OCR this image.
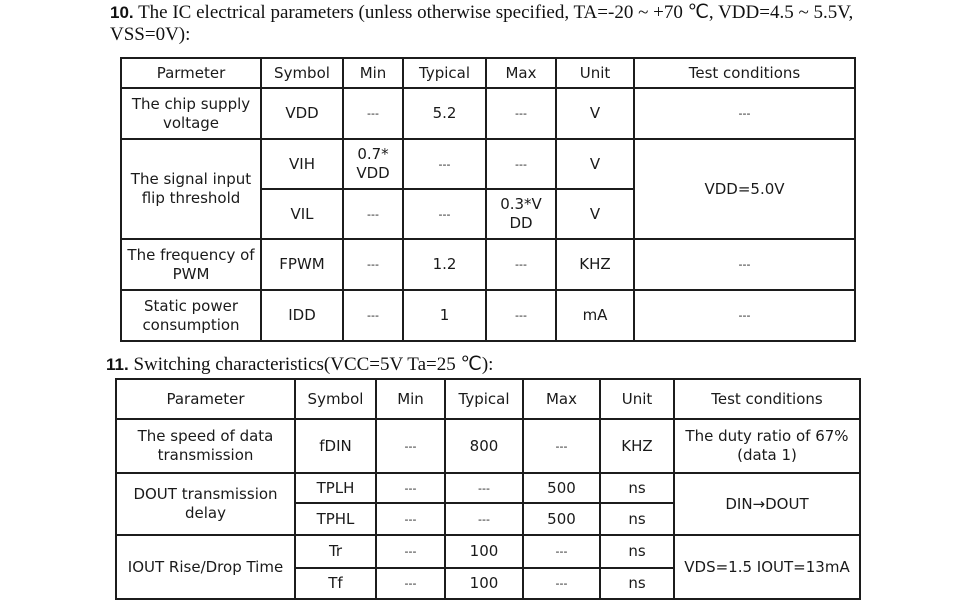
10. The IC electrical parameters (unless otherwise specified, TA=-20 ~ +70 ℃, VDD=4.5 ~ 5.5V, VSS=0V):
Parmeter	Symbol	Min	Typical	Max	Unit	Test conditions
The chip supply voltage	VDD	---	5.2	---	V	---
The signal input flip threshold	VIH	0.7* VDD	---	---	V	VDD=5.0V
	VIL	---	---	0.3*V DD	V	
The frequency of PWM	FPWM	---	1.2	---	KHZ	---
Static power consumption	IDD	---	1	---	mA	---
11. Switching characteristics(VCC=5V Ta=25 ℃):
Parameter	Symbol	Min	Typical	Max	Unit	Test conditions
The speed of data transmission	fDIN	---	800	---	KHZ	The duty ratio of 67% (data 1)
DOUT transmission delay	TPLH	---	---	500	ns	DIN→DOUT
	TPHL	---	---	500	ns	
IOUT Rise/Drop Time	Tr	---	100	---	ns	VDS=1.5 IOUT=13mA
	Tf	---	100	---	ns	
